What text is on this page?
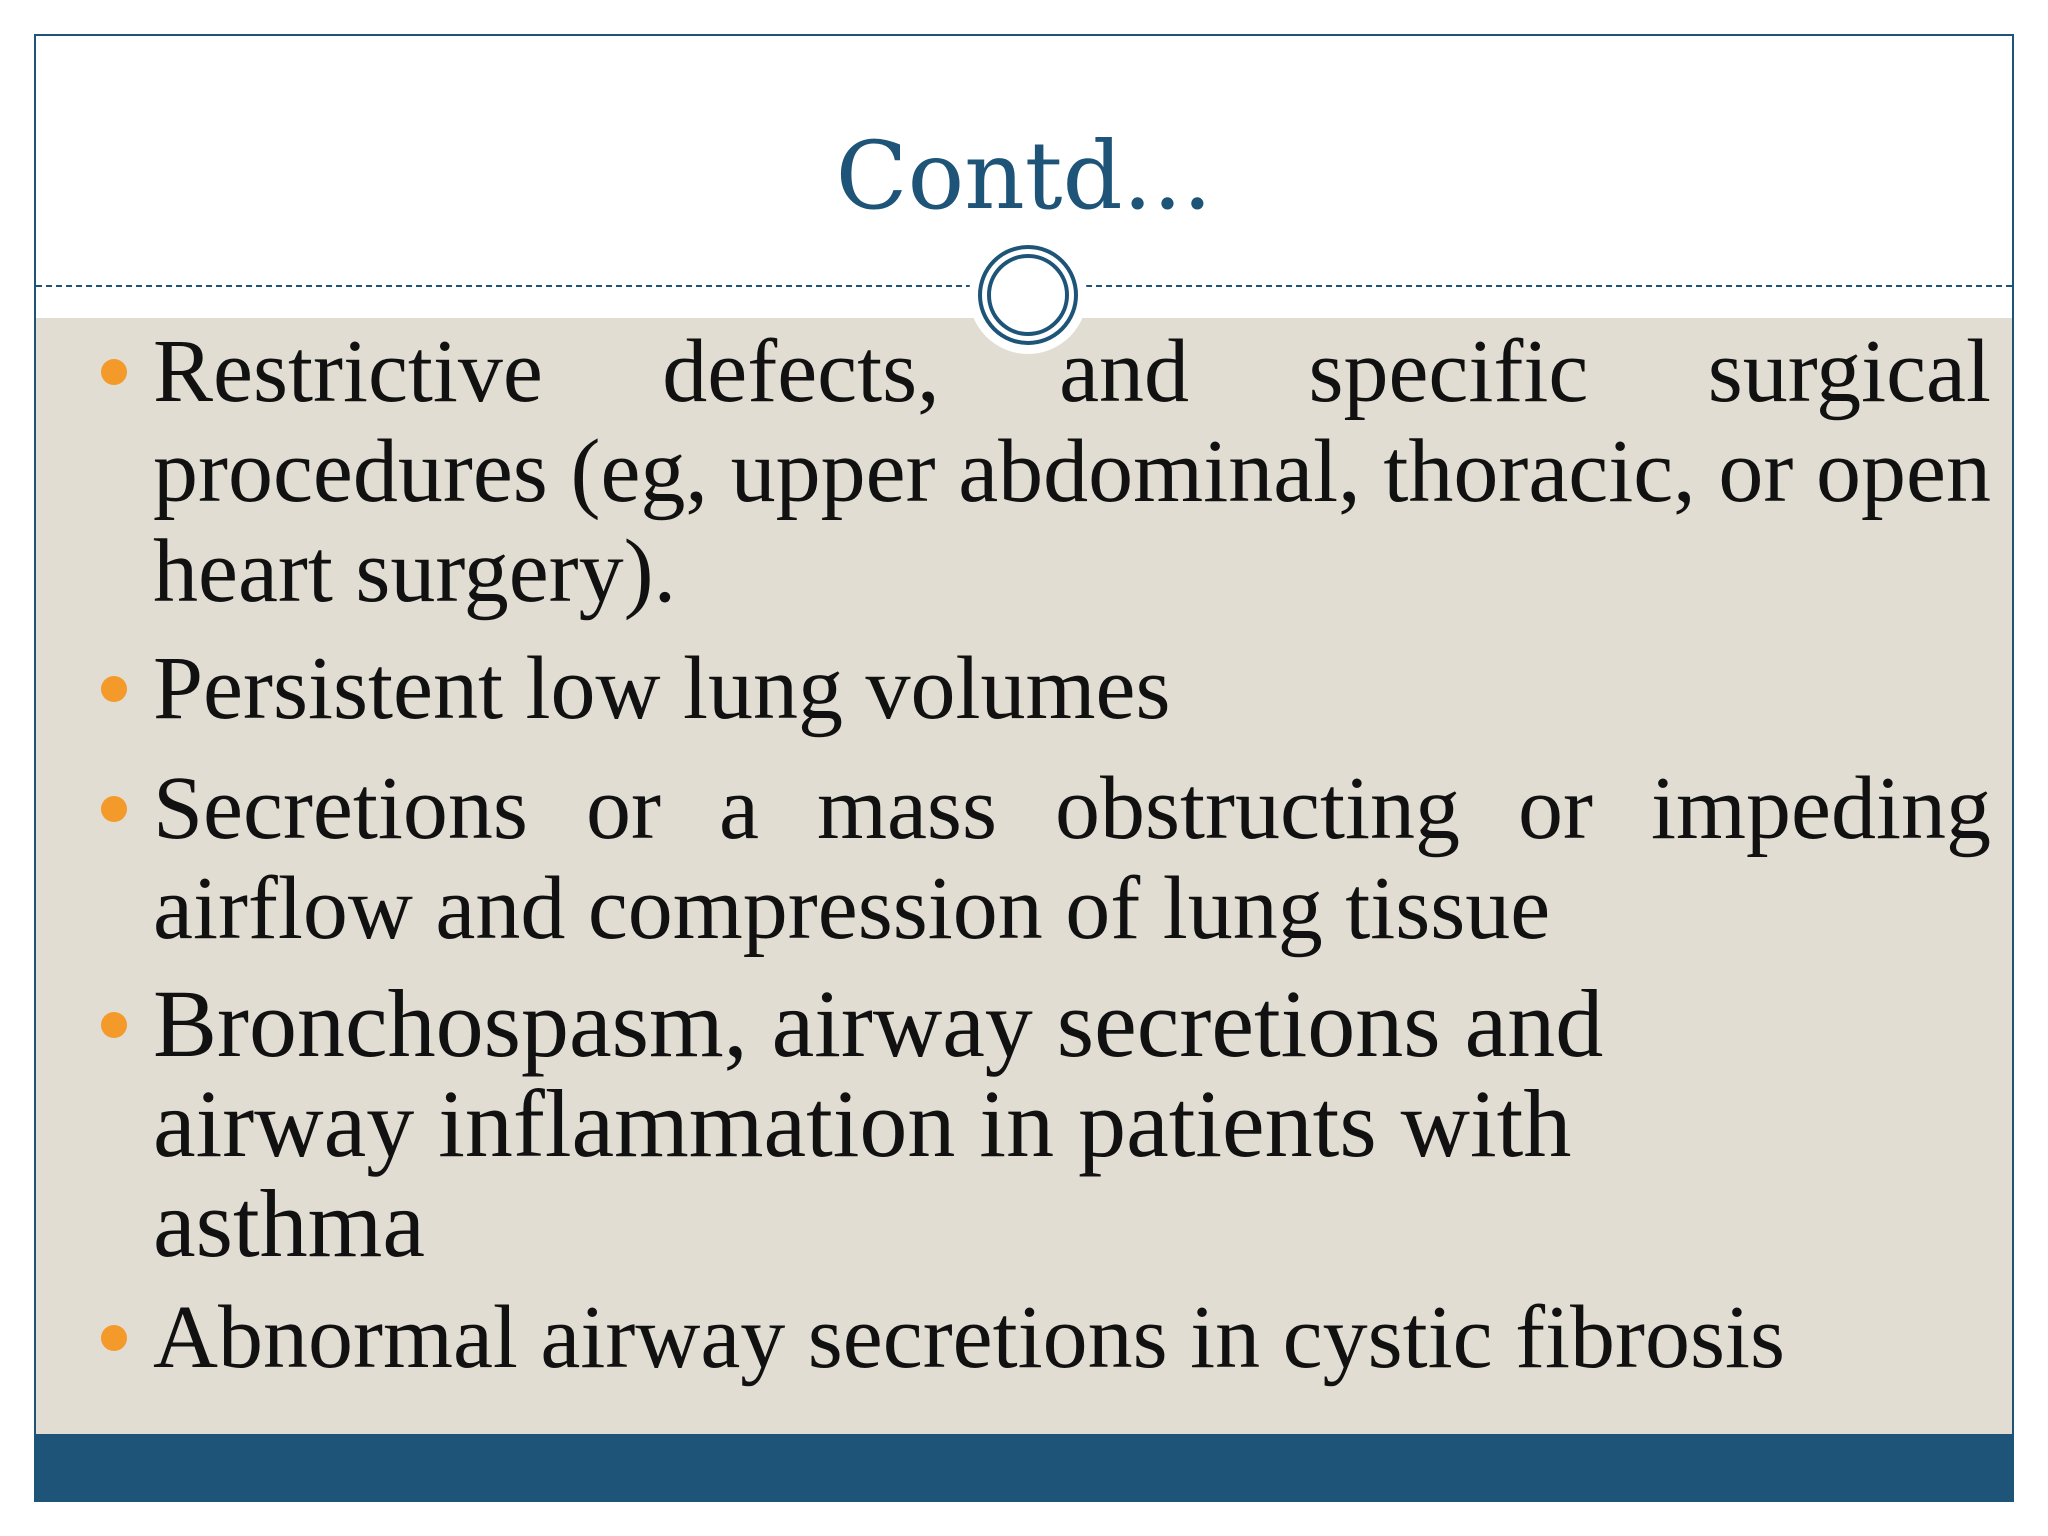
Contd...
Restrictive defects, and specific surgical procedures (eg, upper abdominal, thoracic, or open heart surgery).
Persistent low lung volumes
Secretions or a mass obstructing or impeding airflow and compression of lung tissue
Bronchospasm, airway secretions and airway inflammation in patients with asthma
Abnormal airway secretions in cystic fibrosis
